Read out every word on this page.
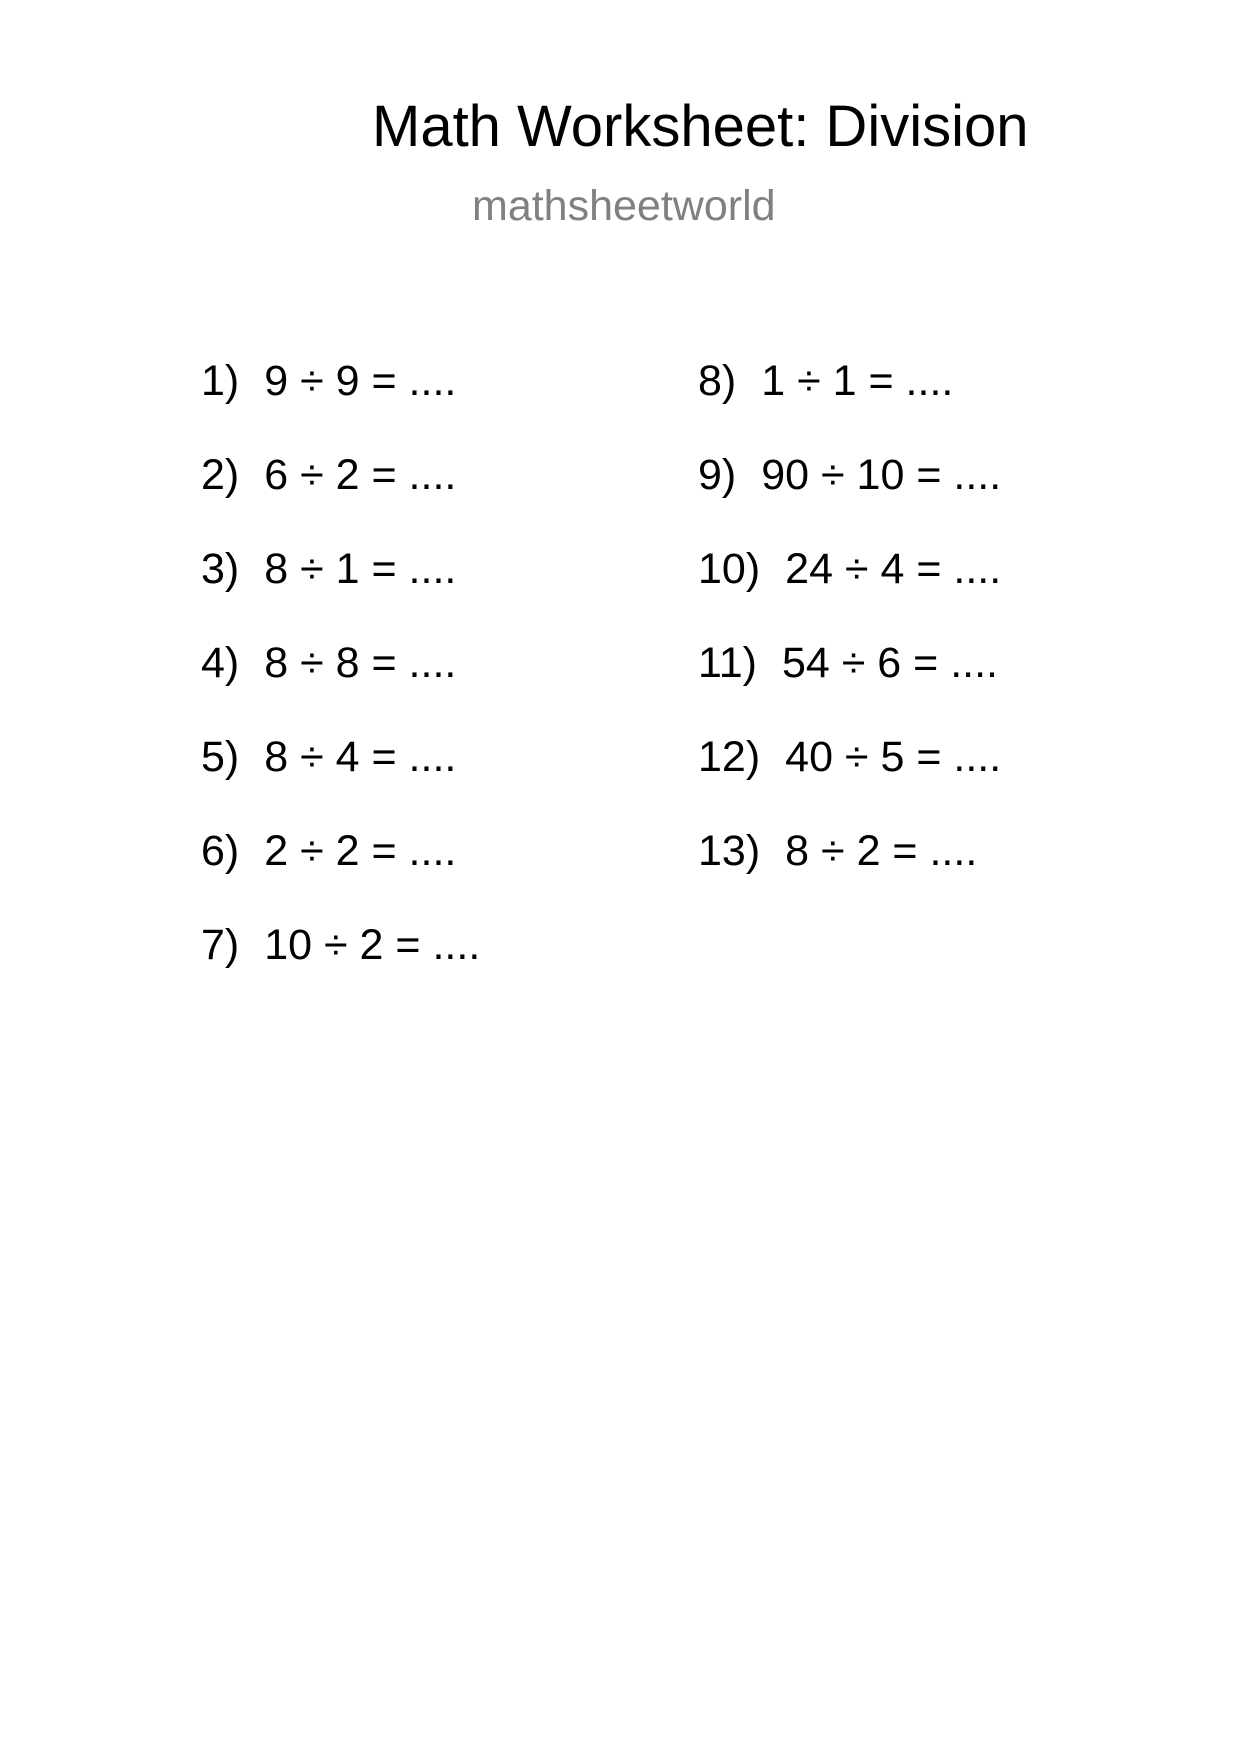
Math Worksheet: Division
mathsheetworld
1) 9 ÷ 9 = ....
2) 6 ÷ 2 = ....
3) 8 ÷ 1 = ....
4) 8 ÷ 8 = ....
5) 8 ÷ 4 = ....
6) 2 ÷ 2 = ....
7) 10 ÷ 2 = ....
8) 1 ÷ 1 = ....
9) 90 ÷ 10 = ....
10) 24 ÷ 4 = ....
11) 54 ÷ 6 = ....
12) 40 ÷ 5 = ....
13) 8 ÷ 2 = ....
